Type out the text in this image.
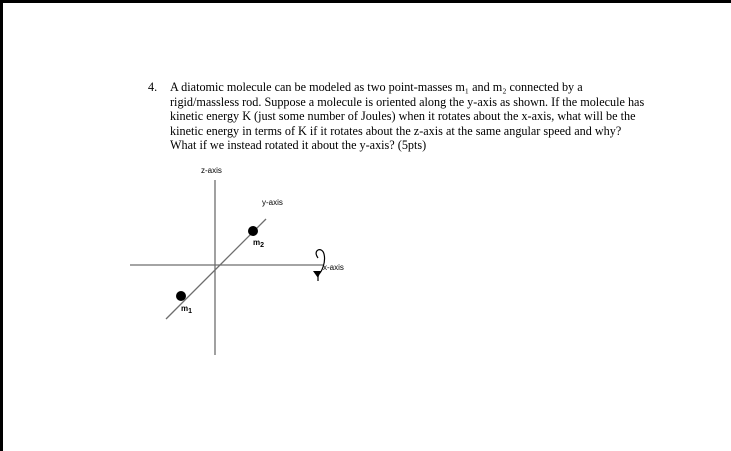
4. A diatomic molecule can be modeled as two point-masses m₁ and m₂ connected by a
rigid/massless rod. Suppose a molecule is oriented along the y-axis as shown. If the molecule has
kinetic energy K (just some number of Joules) when it rotates about the x-axis, what will be the
kinetic energy in terms of K if it rotates about the z-axis at the same angular speed and why?
What if we instead rotated it about the y-axis? (5pts)
z-axis
y-axis
x-axis
m2
m1
